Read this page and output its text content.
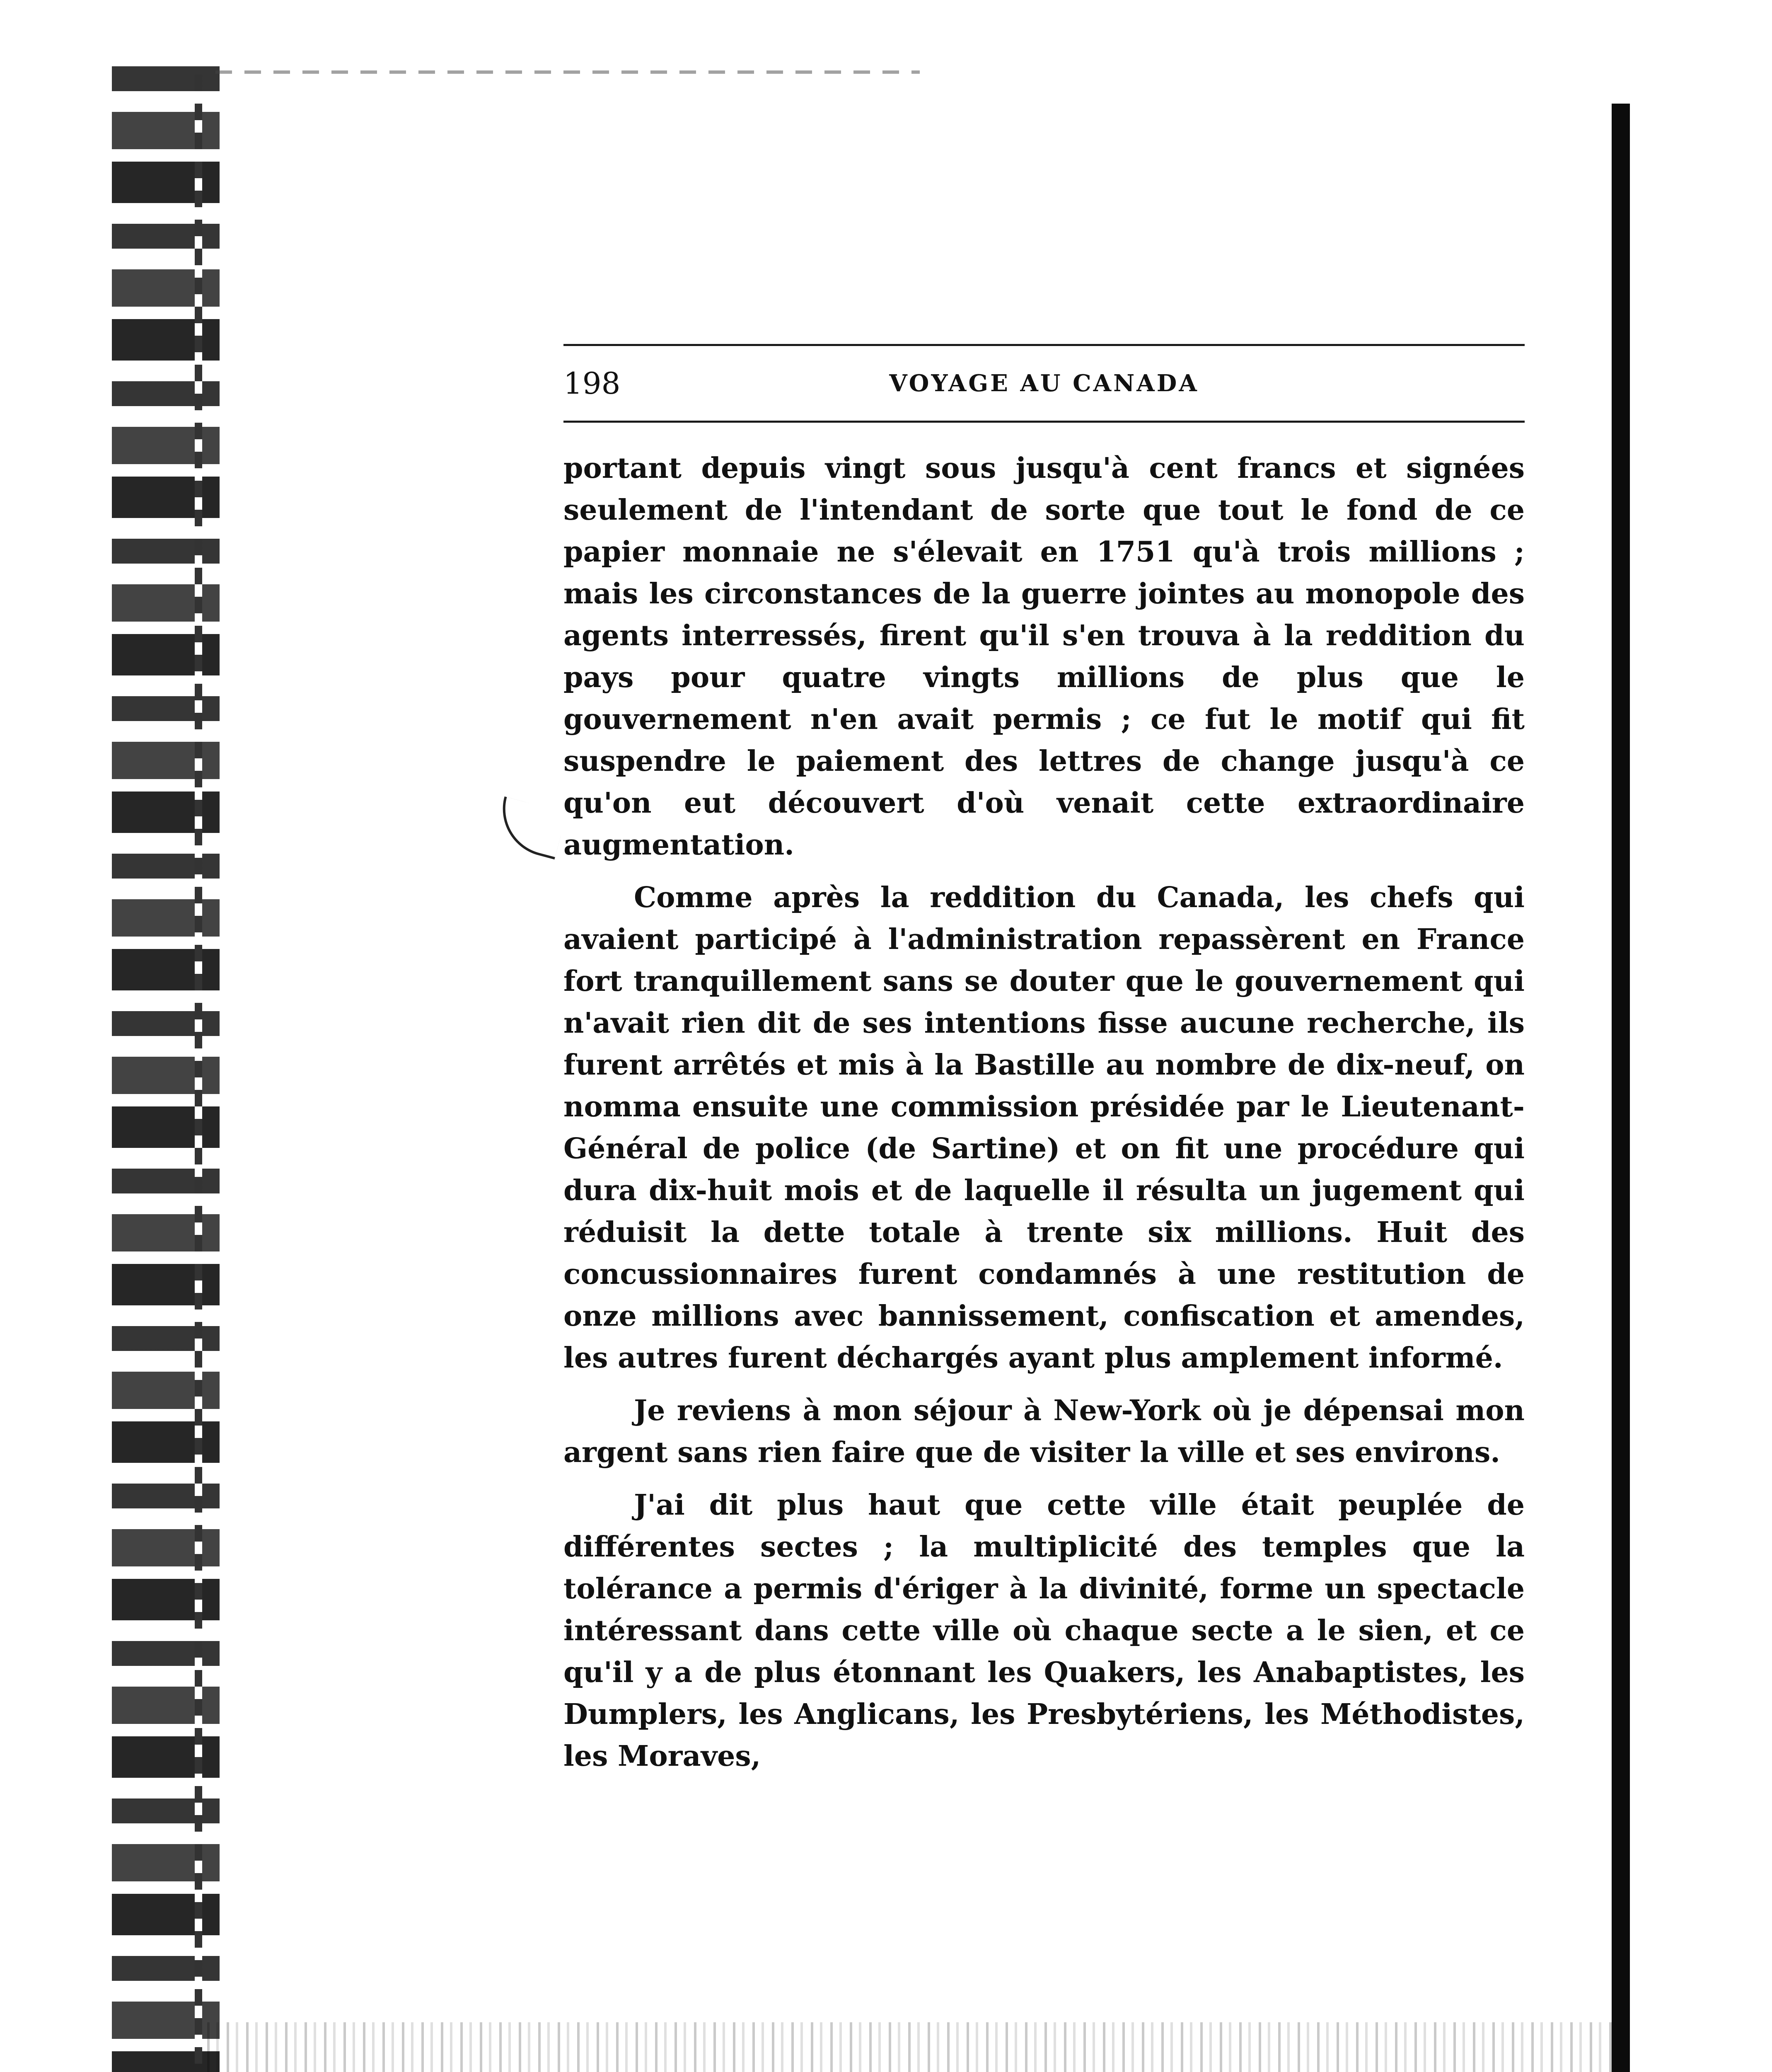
198	VOYAGE AU CANADA

portant depuis vingt sous jusqu'à cent francs et signées seulement de l'intendant de sorte que tout le fond de ce papier monnaie ne s'élevait en 1751 qu'à trois millions ; mais les circonstances de la guerre jointes au monopole des agents interressés, firent qu'il s'en trouva à la reddition du pays pour quatre vingts millions de plus que le gouvernement n'en avait permis ; ce fut le motif qui fit suspendre le paiement des lettres de change jusqu'à ce qu'on eut découvert d'où venait cette extraordinaire augmentation.

Comme après la reddition du Canada, les chefs qui avaient participé à l'administration repassèrent en France fort tranquillement sans se douter que le gouvernement qui n'avait rien dit de ses intentions fisse aucune recherche, ils furent arrêtés et mis à la Bastille au nombre de dix-neuf, on nomma ensuite une commission présidée par le Lieutenant-Général de police (de Sartine) et on fit une procédure qui dura dix-huit mois et de laquelle il résulta un jugement qui réduisit la dette totale à trente six millions. Huit des concussionnaires furent condamnés à une restitution de onze millions avec bannissement, confiscation et amendes, les autres furent déchargés ayant plus amplement informé.

Je reviens à mon séjour à New-York où je dépensai mon argent sans rien faire que de visiter la ville et ses environs.

J'ai dit plus haut que cette ville était peuplée de différentes sectes ; la multiplicité des temples que la tolérance a permis d'ériger à la divinité, forme un spectacle intéressant dans cette ville où chaque secte a le sien, et ce qu'il y a de plus étonnant les Quakers, les Anabaptistes, les Dumplers, les Anglicans, les Presbytériens, les Méthodistes, les Moraves,
